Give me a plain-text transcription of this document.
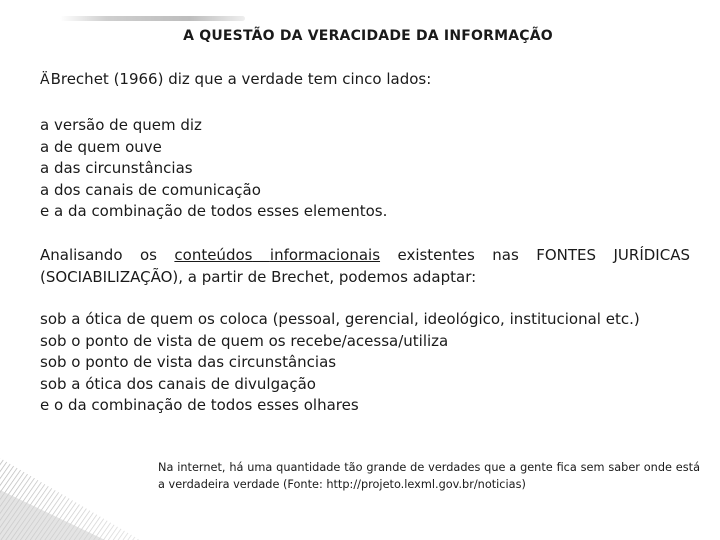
A QUESTÃO DA VERACIDADE DA INFORMAÇÃO
ÄBrechet (1966) diz que a verdade tem cinco lados:
a versão de quem diz
a de quem ouve
a das circunstâncias
a dos canais de comunicação
e a da combinação de todos esses elementos.
Analisando os conteúdos informacionais existentes nas FONTES JURÍDICAS (SOCIABILIZAÇÃO), a partir de Brechet, podemos adaptar:
sob a ótica de quem os coloca (pessoal, gerencial, ideológico, institucional etc.)
sob o ponto de vista de quem os recebe/acessa/utiliza
sob o ponto de vista das circunstâncias
sob a ótica dos canais de divulgação
e o da combinação de todos esses olhares
Na internet, há uma quantidade tão grande de verdades que a gente fica sem saber onde está a verdadeira verdade (Fonte: http://projeto.lexml.gov.br/noticias)
